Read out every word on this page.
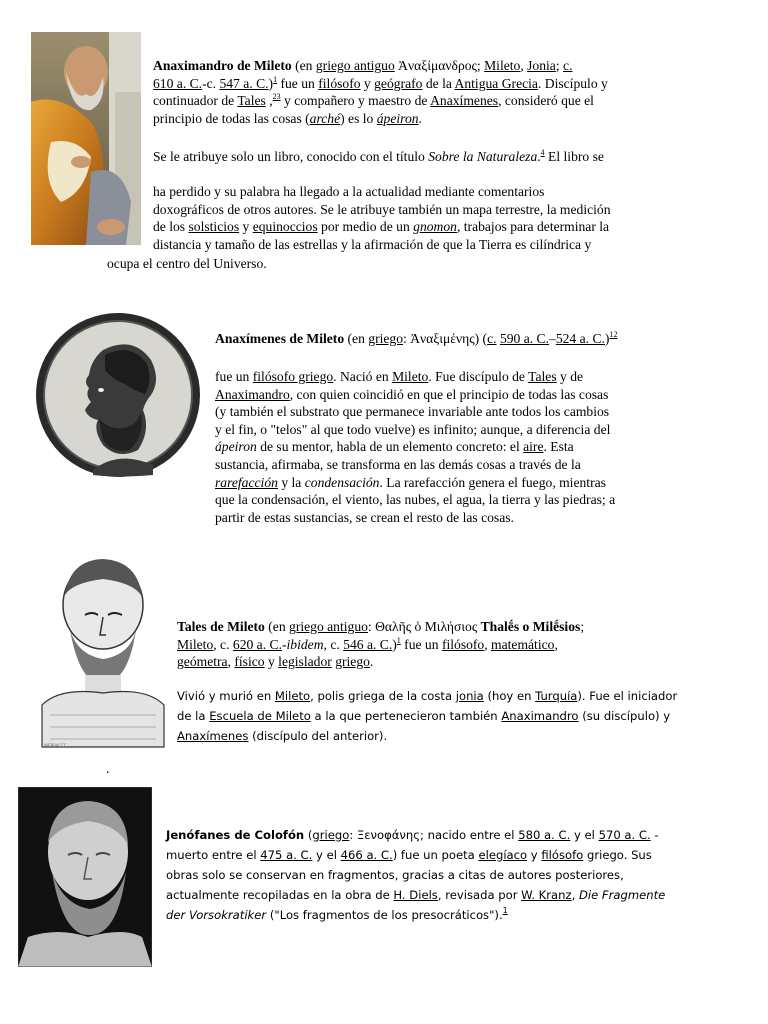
Anaximandro de Mileto (en griego antiguo Ἀναξίμανδρος; Mileto, Jonia; c.
610 a. C.-c. 547 a. C.)$^1$ fue un filósofo y geógrafo de la Antigua Grecia. Discípulo y
continuador de Tales ,$^{23}$ y compañero y maestro de Anaxímenes, consideró que el
principio de todas las cosas (arché) es lo ápeiron.
Se le atribuye solo un libro, conocido con el título Sobre la Naturaleza.$^4$ El libro se
ha perdido y su palabra ha llegado a la actualidad mediante comentarios
doxográficos de otros autores. Se le atribuye también un mapa terrestre, la medición
de los solsticios y equinoccios por medio de un gnomon, trabajos para determinar la
distancia y tamaño de las estrellas y la afirmación de que la Tierra es cilíndrica y
ocupa el centro del Universo.
Anaxímenes de Mileto (en griego: Ἀναξιμένης) (c. 590 a. C.–524 a. C.)$^{12}$
fue un filósofo griego. Nació en Mileto. Fue discípulo de Tales y de
Anaximandro, con quien coincidió en que el principio de todas las cosas
(y también el substrato que permanece invariable ante todos los cambios
y el fin, o "telos" al que todo vuelve) es infinito; aunque, a diferencia del
ápeiron de su mentor, habla de un elemento concreto: el aire. Esta
sustancia, afirmaba, se transforma en las demás cosas a través de la
rarefacción y la condensación. La rarefacción genera el fuego, mientras
que la condensación, el viento, las nubes, el agua, la tierra y las piedras; a
partir de estas sustancias, se crean el resto de las cosas.
WEB04CCC
Tales de Mileto (en griego antiguo: Θαλῆς ὁ Μιλήσιος Thalḗs o Milḗsios;
Mileto, c. 620 a. C.-ibidem, c. 546 a. C.)$^1$ fue un filósofo, matemático,
geómetra, físico y legislador griego.
Vivió y murió en Mileto, polis griega de la costa jonia (hoy en Turquía). Fue el iniciador
de la Escuela de Mileto a la que pertenecieron también Anaximandro (su discípulo) y
Anaxímenes (discípulo del anterior).
.
Jenófanes de Colofón (griego: Ξενοφάνης; nacido entre el 580 a. C. y el 570 a. C. -
muerto entre el 475 a. C. y el 466 a. C.) fue un poeta elegíaco y filósofo griego. Sus
obras solo se conservan en fragmentos, gracias a citas de autores posteriores,
actualmente recopiladas en la obra de H. Diels, revisada por W. Kranz, Die Fragmente
der Vorsokratiker ("Los fragmentos de los presocráticos").$^1$
